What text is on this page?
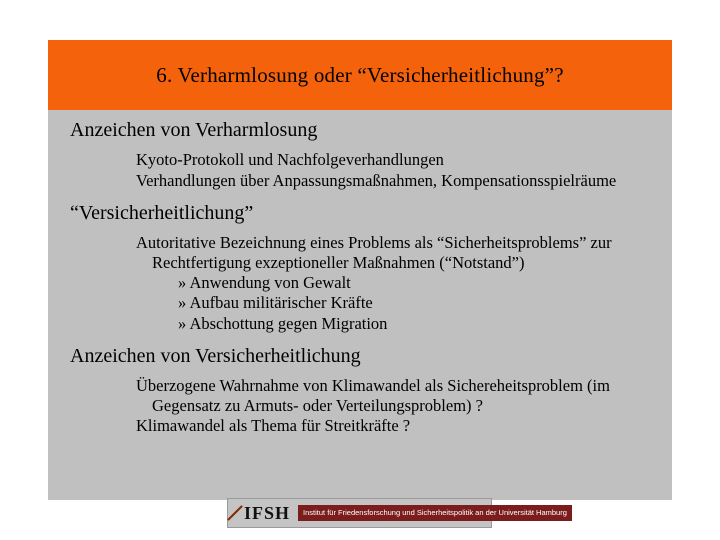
6. Verharmlosung oder “Versicherheitlichung”?
Anzeichen von Verharmlosung
Kyoto-Protokoll und Nachfolgeverhandlungen
Verhandlungen über Anpassungsmaßnahmen, Kompensationsspielräume
“Versicherheitlichung”
Autoritative Bezeichnung eines Problems als “Sicherheitsproblems” zur Rechtfertigung exzeptioneller Maßnahmen (“Notstand”)
» Anwendung von Gewalt
» Aufbau militärischer Kräfte
» Abschottung gegen Migration
Anzeichen von Versicherheitlichung
Überzogene Wahrnahme von Klimawandel als Sichereheitsproblem (im Gegensatz zu Armuts- oder Verteilungsproblem) ?
Klimawandel als Thema für Streitkräfte ?
IFSH	Institut für Friedensforschung und Sicherheitspolitik an der Universität Hamburg
